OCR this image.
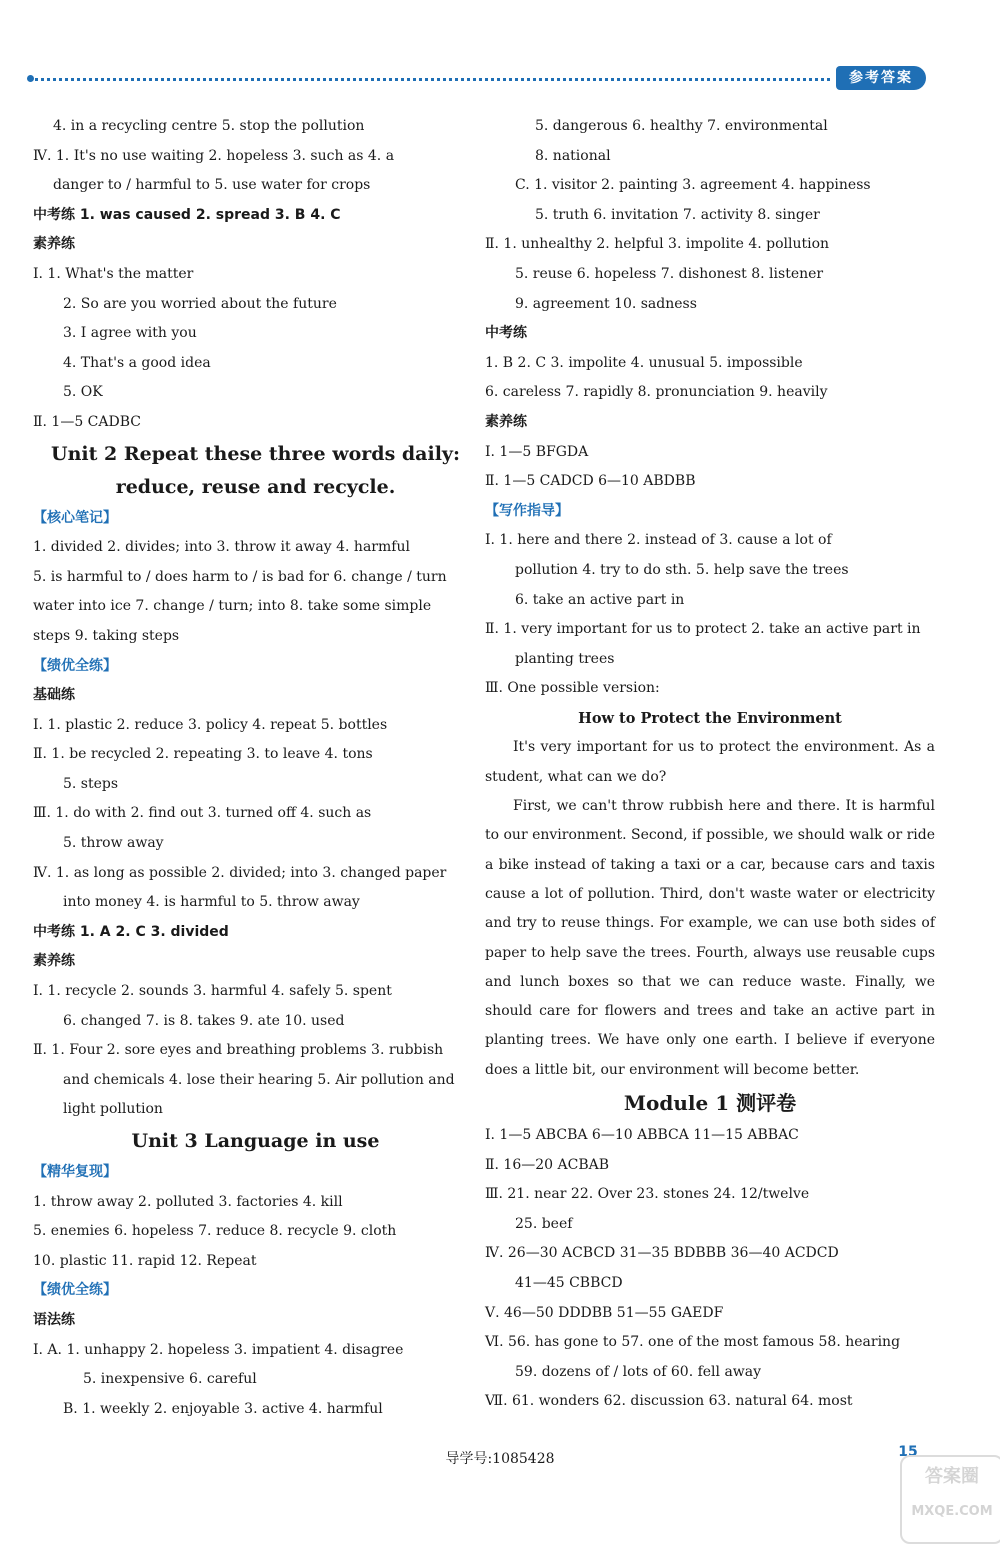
参考答案
4. in a recycling centre 5. stop the pollution
Ⅳ. 1. It's no use waiting 2. hopeless 3. such as 4. a
danger to / harmful to 5. use water for crops
中考练 1. was caused 2. spread 3. B 4. C
素养练
Ⅰ. 1. What's the matter
2. So are you worried about the future
3. I agree with you
4. That's a good idea
5. OK
Ⅱ. 1—5 CADBC
Unit 2 Repeat these three words daily:
reduce, reuse and recycle.
【核心笔记】
1. divided 2. divides; into 3. throw it away 4. harmful
5. is harmful to / does harm to / is bad for 6. change / turn
water into ice 7. change / turn; into 8. take some simple
steps 9. taking steps
【绩优全练】
基础练
Ⅰ. 1. plastic 2. reduce 3. policy 4. repeat 5. bottles
Ⅱ. 1. be recycled 2. repeating 3. to leave 4. tons
5. steps
Ⅲ. 1. do with 2. find out 3. turned off 4. such as
5. throw away
Ⅳ. 1. as long as possible 2. divided; into 3. changed paper
into money 4. is harmful to 5. throw away
中考练 1. A 2. C 3. divided
素养练
Ⅰ. 1. recycle 2. sounds 3. harmful 4. safely 5. spent
6. changed 7. is 8. takes 9. ate 10. used
Ⅱ. 1. Four 2. sore eyes and breathing problems 3. rubbish
and chemicals 4. lose their hearing 5. Air pollution and
light pollution
Unit 3 Language in use
【精华复现】
1. throw away 2. polluted 3. factories 4. kill
5. enemies 6. hopeless 7. reduce 8. recycle 9. cloth
10. plastic 11. rapid 12. Repeat
【绩优全练】
语法练
Ⅰ. A. 1. unhappy 2. hopeless 3. impatient 4. disagree
5. inexpensive 6. careful
B. 1. weekly 2. enjoyable 3. active 4. harmful
5. dangerous 6. healthy 7. environmental
8. national
C. 1. visitor 2. painting 3. agreement 4. happiness
5. truth 6. invitation 7. activity 8. singer
Ⅱ. 1. unhealthy 2. helpful 3. impolite 4. pollution
5. reuse 6. hopeless 7. dishonest 8. listener
9. agreement 10. sadness
中考练
1. B 2. C 3. impolite 4. unusual 5. impossible
6. careless 7. rapidly 8. pronunciation 9. heavily
素养练
Ⅰ. 1—5 BFGDA
Ⅱ. 1—5 CADCD 6—10 ABDBB
【写作指导】
Ⅰ. 1. here and there 2. instead of 3. cause a lot of
pollution 4. try to do sth. 5. help save the trees
6. take an active part in
Ⅱ. 1. very important for us to protect 2. take an active part in
planting trees
Ⅲ. One possible version:
How to Protect the Environment
It's very important for us to protect the environment. As a student, what can we do?
First, we can't throw rubbish here and there. It is harmful to our environment. Second, if possible, we should walk or ride a bike instead of taking a taxi or a car, because cars and taxis cause a lot of pollution. Third, don't waste water or electricity and try to reuse things. For example, we can use both sides of paper to help save the trees. Fourth, always use reusable cups and lunch boxes so that we can reduce waste. Finally, we should care for flowers and trees and take an active part in planting trees. We have only one earth. I believe if everyone does a little bit, our environment will become better.
Module 1 测评卷
Ⅰ. 1—5 ABCBA 6—10 ABBCA 11—15 ABBAC
Ⅱ. 16—20 ACBAB
Ⅲ. 21. near 22. Over 23. stones 24. 12/twelve
25. beef
Ⅳ. 26—30 ACBCD 31—35 BDBBB 36—40 ACDCD
41—45 CBBCD
Ⅴ. 46—50 DDDBB 51—55 GAEDF
Ⅵ. 56. has gone to 57. one of the most famous 58. hearing
59. dozens of / lots of 60. fell away
Ⅶ. 61. wonders 62. discussion 63. natural 64. most
导学号:1085428	15
答案圈
MXQE.COM
